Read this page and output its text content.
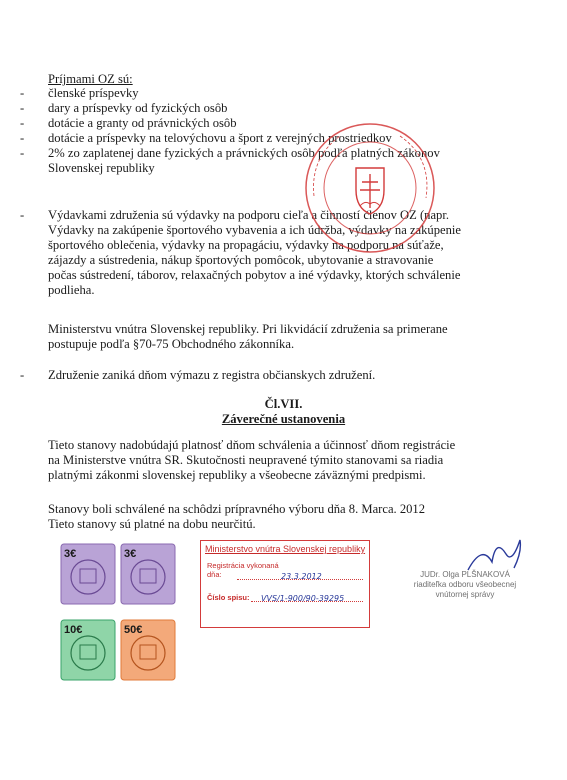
Príjmami OZ sú:
- členské príspevky
- dary a príspevky od fyzických osôb
- dotácie a granty od právnických osôb
- dotácie a príspevky na telovýchovu a šport z verejných prostriedkov
- 2% zo zaplatenej dane fyzických a právnických osôb podľa platných zákonov
Slovenskej republiky
- Výdavkami združenia sú výdavky na podporu cieľa a činností členov OZ (napr.
Výdavky na zakúpenie športového vybavenia a ich údržba, výdavky na zakúpenie
športového oblečenia, výdavky na propagáciu, výdavky na podporu na súťaže,
zájazdy a sústredenia, nákup športových pomôcok, ubytovanie a stravovanie
počas sústredení, táborov, relaxačných pobytov a iné výdavky, ktorých schválenie
podlieha.
Ministerstvu vnútra Slovenskej republiky. Pri likvidácií združenia sa primerane
postupuje podľa §70-75 Obchodného zákonníka.
- Združenie zaniká dňom výmazu z registra občianskych združení.
Čl.VII.
Záverečné ustanovenia
Tieto stanovy nadobúdajú platnosť dňom schválenia a účinnosť dňom registrácie
na Ministerstve vnútra SR. Skutočnosti neupravené týmito stanovami sa riadia
platnými zákonmi slovenskej republiky a všeobecne záväznými predpismi.
Stanovy boli schválené na schôdzi prípravného výboru dňa 8. Marca. 2012
Tieto stanovy sú platné na dobu neurčitú.
3€	3€
10€	50€
Ministerstvo vnútra Slovenskej republiky
Registrácia vykonaná
dňa:	23.3.2012
Číslo spisu: VVS/1-900/90-39295
JUDr. Olga PLŠNAKOVÁ
riaditeľka odboru všeobecnej
vnútornej správy
